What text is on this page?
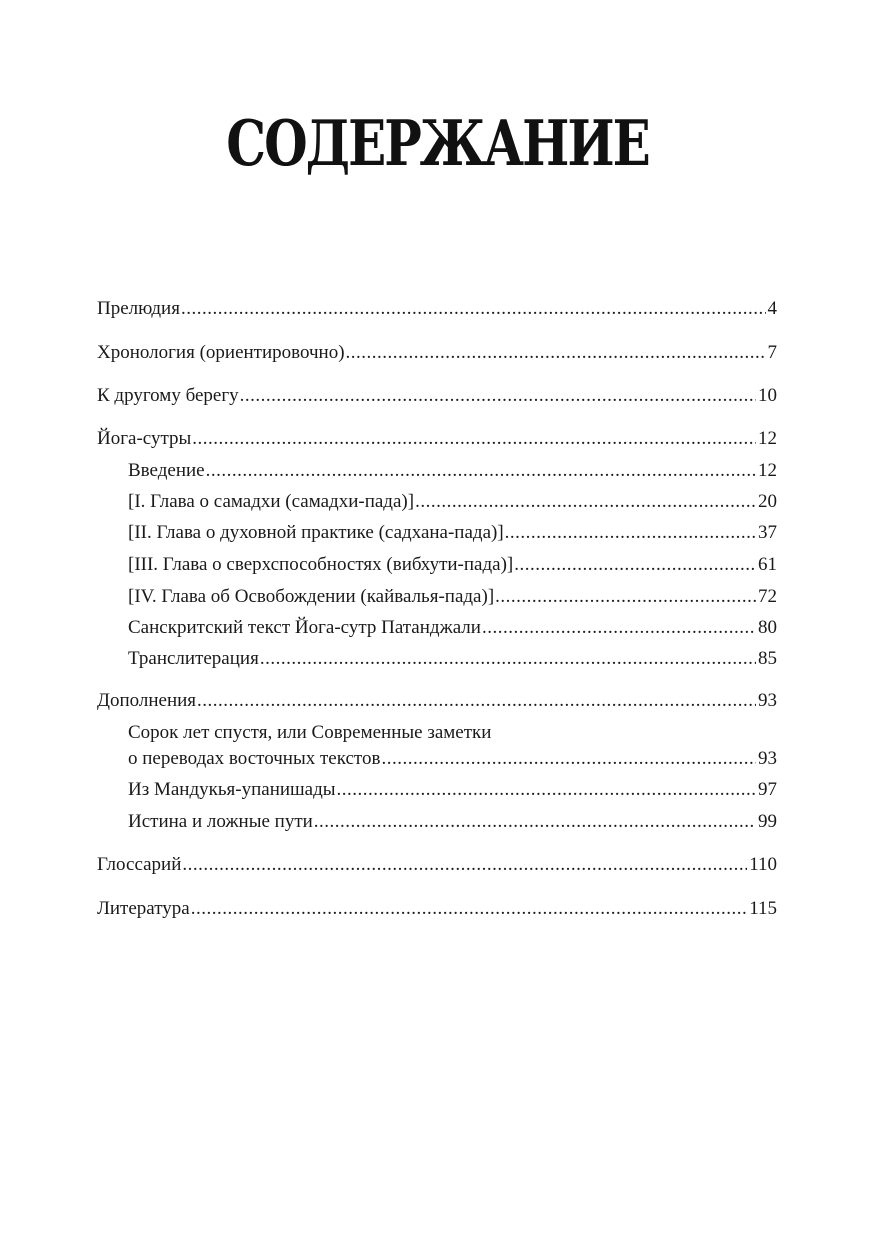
СОДЕРЖАНИЕ
Прелюдия .....	4
Хронология (ориентировочно) .....	7
К другому берегу .....	10
Йога-сутры .....	12
Введение .....	12
[I. Глава о самадхи (самадхи-пада)] .....	20
[II. Глава о духовной практике (садхана-пада)] .....	37
[III. Глава о сверхспособностях (вибхути-пада)] .....	61
[IV. Глава об Освобождении (кайвалья-пада)] .....	72
Санскритский текст Йога-сутр Патанджали .....	80
Транслитерация .....	85
Дополнения .....	93
Сорок лет спустя, или Современные заметки
о переводах восточных текстов .....	93
Из Мандукья-упанишады .....	97
Истина и ложные пути .....	99
Глоссарий .....	110
Литература .....	115
